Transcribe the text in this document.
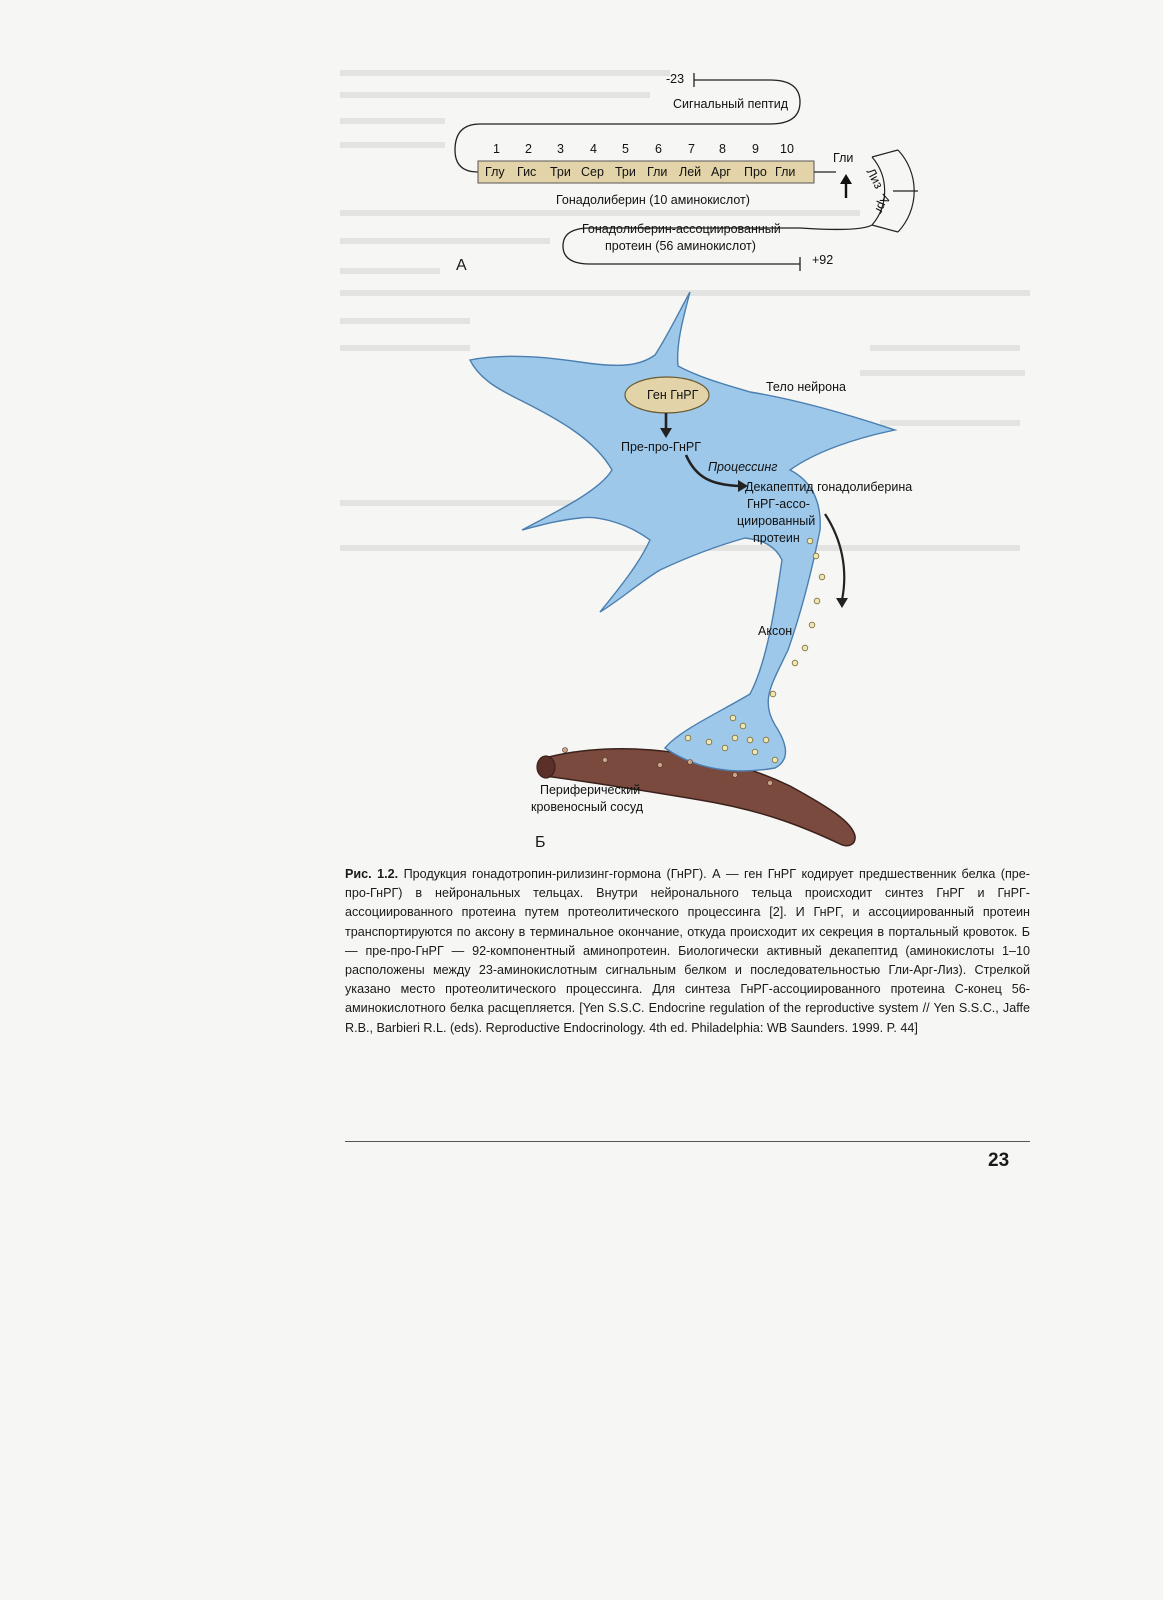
-23
Сигнальный пептид
1 2 3 4 5 6 7 8 9 10
Глу Гис Три Сер Три Гли Лей Арг Про Гли
Гли
Лиз
Арг
Гонадолиберин (10 аминокислот)
Гонадолиберин-ассоциированный
протеин (56 аминокислот)
+92
А
Ген ГнРГ
Тело нейрона
Пре-про-ГнРГ
Процессинг
Декапептид гонадолиберина
ГнРГ-ассо-
циированный
протеин
Аксон
Периферический
кровеносный сосуд
Б
Рис. 1.2. Продукция гонадотропин-рилизинг-гормона (ГнРГ). А — ген ГнРГ кодирует предшественник белка (пре-про-ГнРГ) в нейрональных тельцах. Внутри нейронального тельца происходит синтез ГнРГ и ГнРГ-ассоциированного протеина путем протеолитического процессинга [2]. И ГнРГ, и ассоциированный протеин транспортируются по аксону в терминальное окончание, откуда происходит их секреция в портальный кровоток. Б — пре-про-ГнРГ — 92-компонентный аминопротеин. Биологически активный декапептид (аминокислоты 1–10 расположены между 23-аминокислотным сигнальным белком и последовательностью Гли-Арг-Лиз). Стрелкой указано место протеолитического процессинга. Для синтеза ГнРГ-ассоциированного протеина С-конец 56-аминокислотного белка расщепляется. [Yen S.S.C. Endocrine regulation of the reproductive system // Yen S.S.C., Jaffe R.B., Barbieri R.L. (eds). Reproductive Endocrinology. 4th ed. Philadelphia: WB Saunders. 1999. P. 44]
23
